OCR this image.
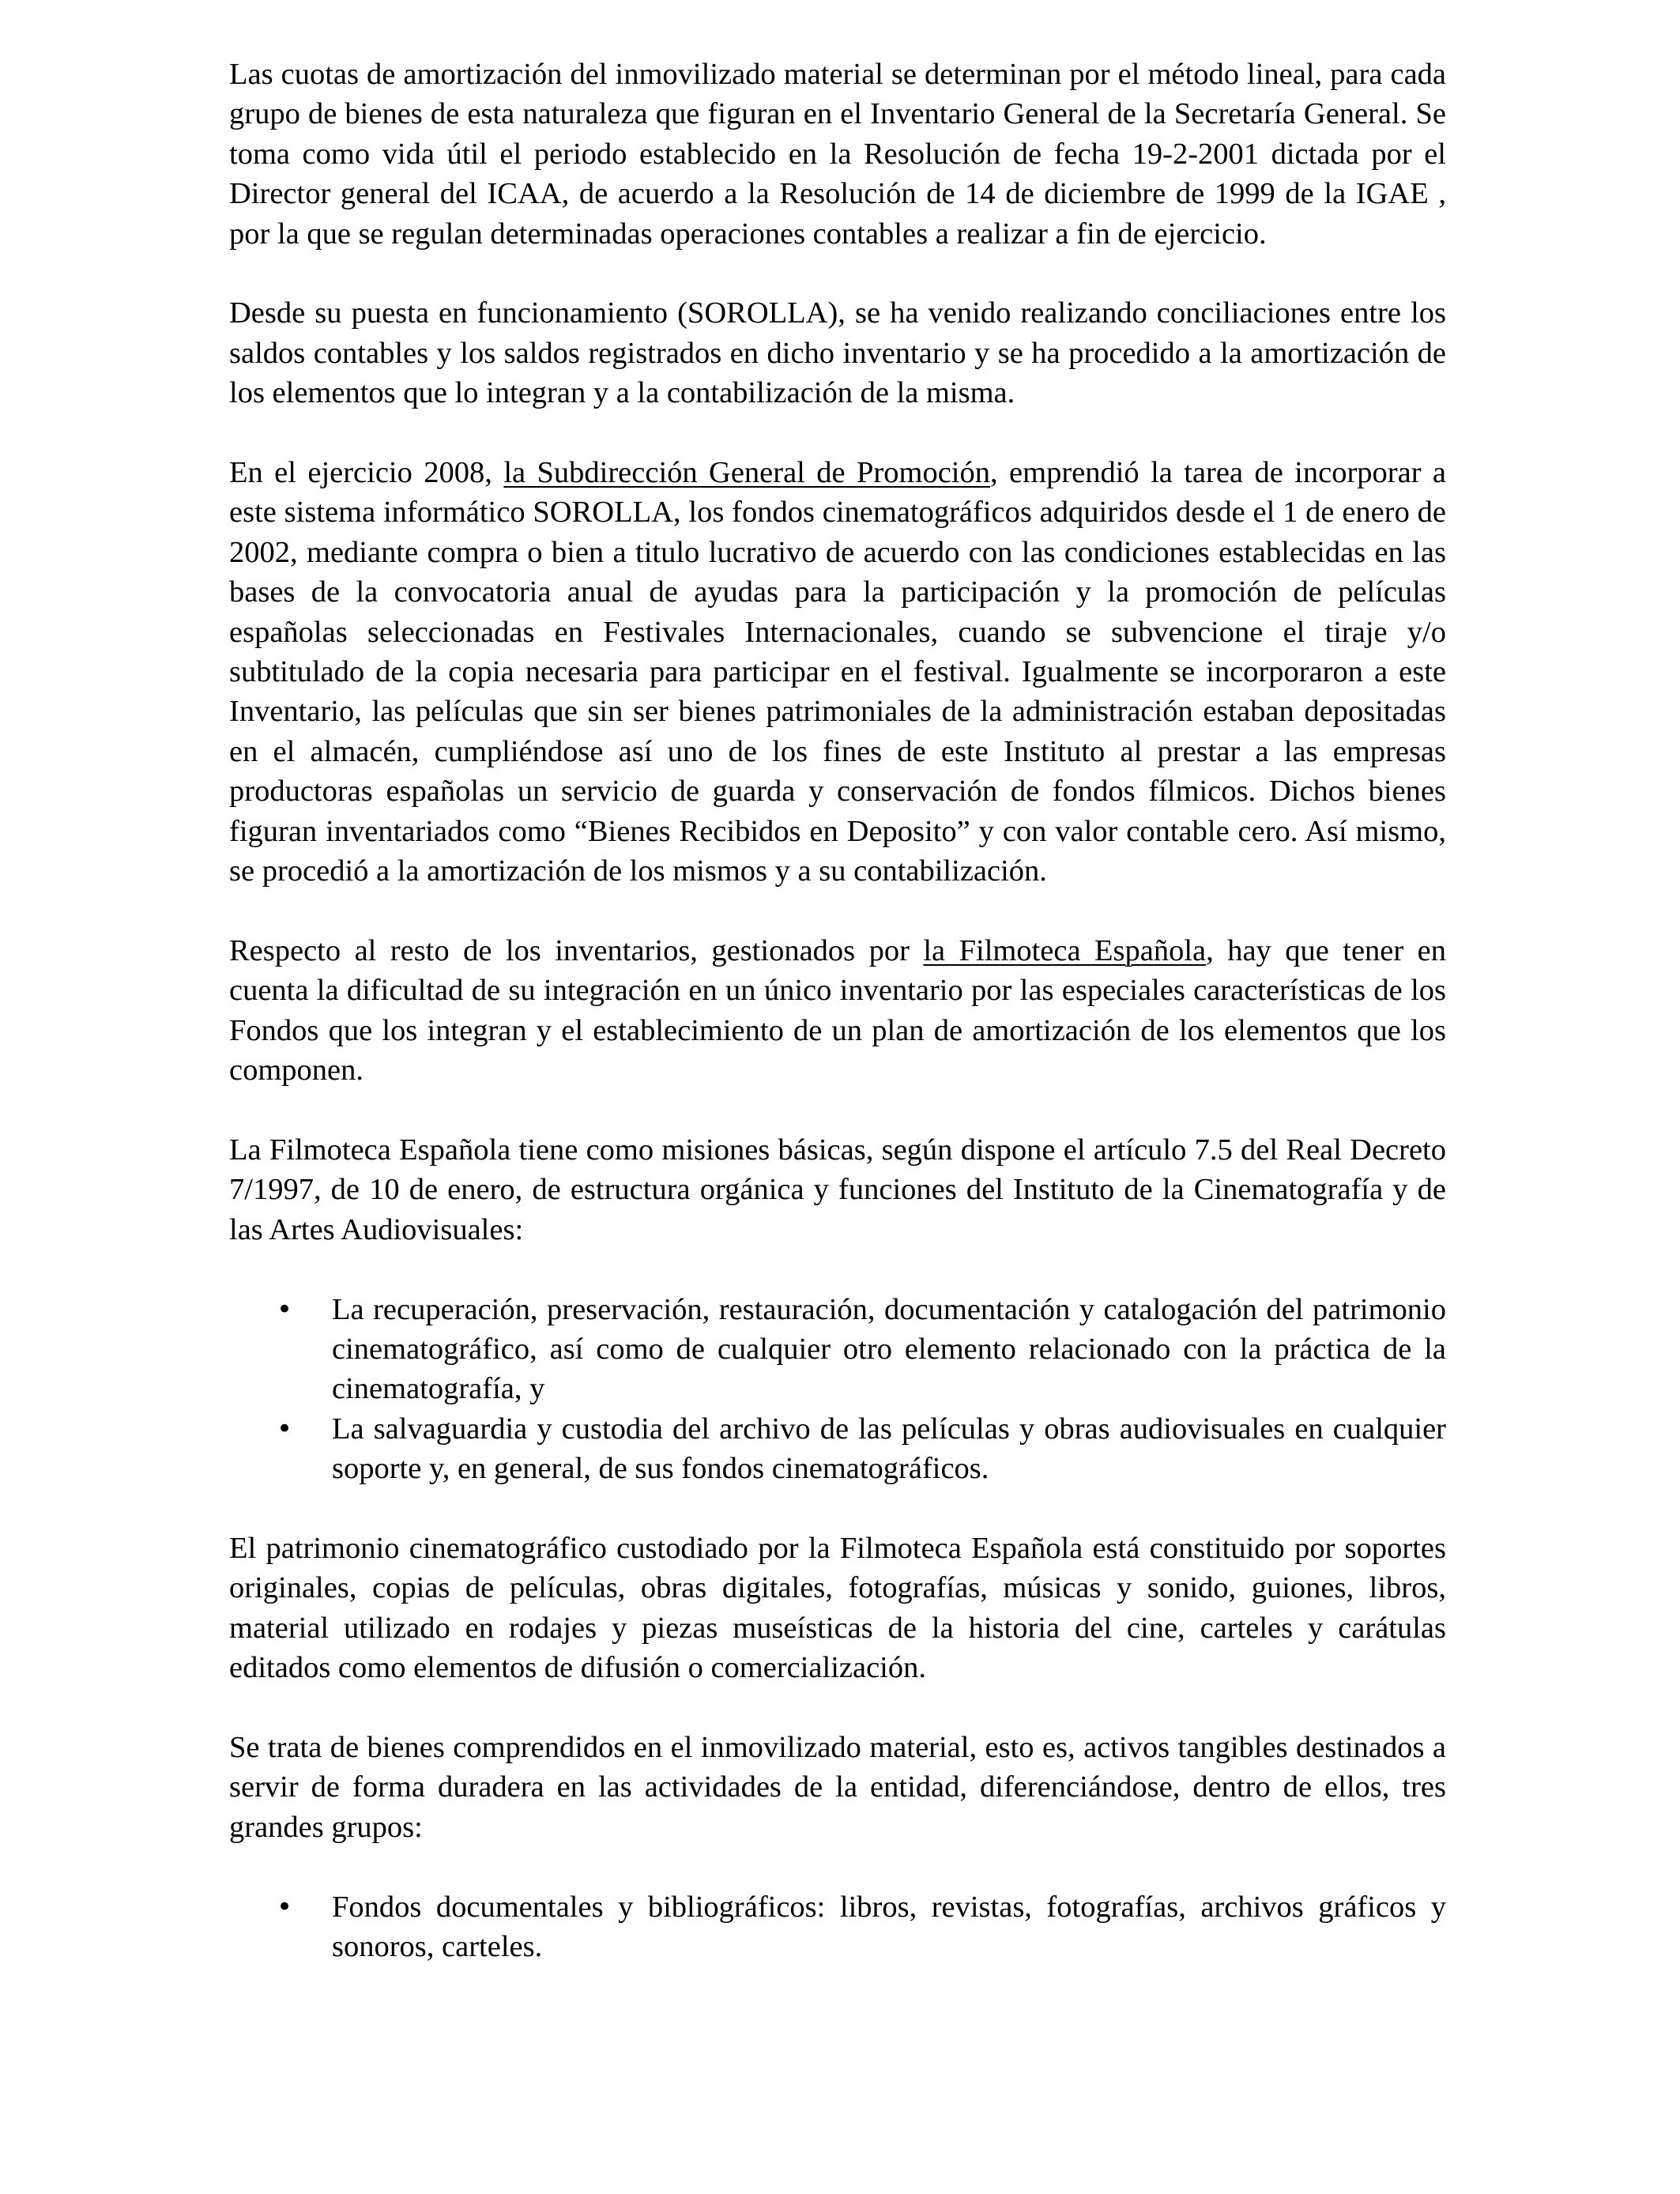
Las cuotas de amortización del inmovilizado material se determinan por el método lineal, para cada grupo de bienes de esta naturaleza que figuran en el Inventario General de la Secretaría General. Se toma como vida útil el periodo establecido en la Resolución de fecha 19-2-2001 dictada por el Director general del ICAA, de acuerdo a la Resolución de 14 de diciembre de 1999 de la IGAE , por la que se regulan determinadas operaciones contables a realizar a fin de ejercicio.

Desde su puesta en funcionamiento (SOROLLA), se ha venido realizando conciliaciones entre los saldos contables y los saldos registrados en dicho inventario y se ha procedido a la amortización de los elementos que lo integran y a la contabilización de la misma.

En el ejercicio 2008, la Subdirección General de Promoción, emprendió la tarea de incorporar a este sistema informático SOROLLA, los fondos cinematográficos adquiridos desde el 1 de enero de 2002, mediante compra o bien a titulo lucrativo de acuerdo con las condiciones establecidas en las bases de la convocatoria anual de ayudas para la participación y la promoción de películas españolas seleccionadas en Festivales Internacionales, cuando se subvencione el tiraje y/o subtitulado de la copia necesaria para participar en el festival. Igualmente se incorporaron a este Inventario, las películas que sin ser bienes patrimoniales de la administración estaban depositadas en el almacén, cumpliéndose así uno de los fines de este Instituto al prestar a las empresas productoras españolas un servicio de guarda y conservación de fondos fílmicos. Dichos bienes figuran inventariados como “Bienes Recibidos en Deposito” y con valor contable cero. Así mismo, se procedió a la amortización de los mismos y a su contabilización.

Respecto al resto de los inventarios, gestionados por la Filmoteca Española, hay que tener en cuenta la dificultad de su integración en un único inventario por las especiales características de los Fondos que los integran y el establecimiento de un plan de amortización de los elementos que los componen.

La Filmoteca Española tiene como misiones básicas, según dispone el artículo 7.5 del Real Decreto 7/1997, de 10 de enero, de estructura orgánica y funciones del Instituto de la Cinematografía y de las Artes Audiovisuales:

• La recuperación, preservación, restauración, documentación y catalogación del patrimonio cinematográfico, así como de cualquier otro elemento relacionado con la práctica de la cinematografía, y
• La salvaguardia y custodia del archivo de las películas y obras audiovisuales en cualquier soporte y, en general, de sus fondos cinematográficos.

El patrimonio cinematográfico custodiado por la Filmoteca Española está constituido por soportes originales, copias de películas, obras digitales, fotografías, músicas y sonido, guiones, libros, material utilizado en rodajes y piezas museísticas de la historia del cine, carteles y carátulas editados como elementos de difusión o comercialización.

Se trata de bienes comprendidos en el inmovilizado material, esto es, activos tangibles destinados a servir de forma duradera en las actividades de la entidad, diferenciándose, dentro de ellos, tres grandes grupos:

• Fondos documentales y bibliográficos: libros, revistas, fotografías, archivos gráficos y sonoros, carteles.
